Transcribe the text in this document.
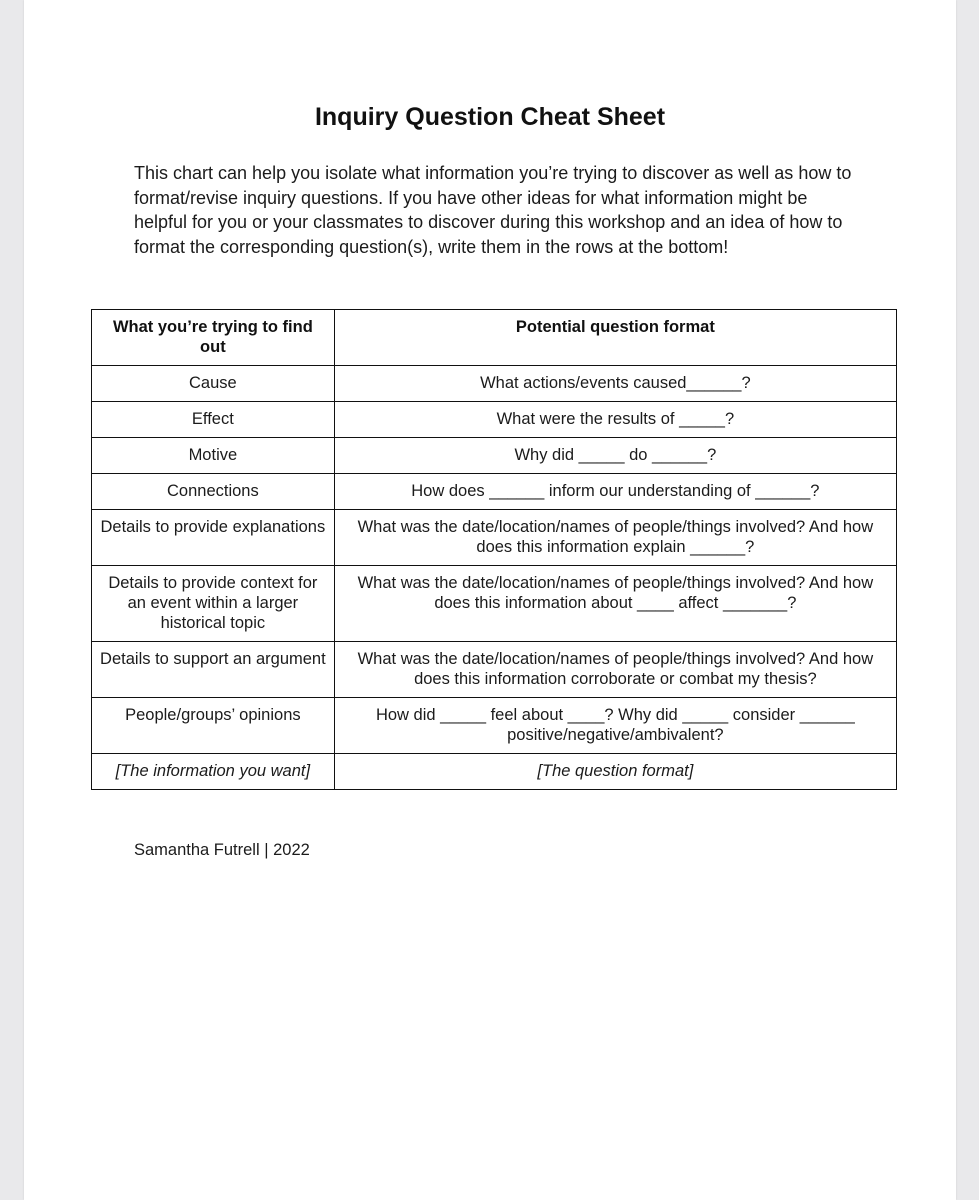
Inquiry Question Cheat Sheet

This chart can help you isolate what information you’re trying to discover as well as how to format/revise inquiry questions. If you have other ideas for what information might be helpful for you or your classmates to discover during this workshop and an idea of how to format the corresponding question(s), write them in the rows at the bottom!

What you’re trying to find out	Potential question format
Cause	What actions/events caused______?
Effect	What were the results of _____?
Motive	Why did _____ do ______?
Connections	How does ______ inform our understanding of ______?
Details to provide explanations	What was the date/location/names of people/things involved? And how does this information explain ______?
Details to provide context for an event within a larger historical topic	What was the date/location/names of people/things involved? And how does this information about ____ affect _______?
Details to support an argument	What was the date/location/names of people/things involved? And how does this information corroborate or combat my thesis?
People/groups’ opinions	How did _____ feel about ____? Why did _____ consider ______ positive/negative/ambivalent?
[The information you want]	[The question format]

Samantha Futrell | 2022
